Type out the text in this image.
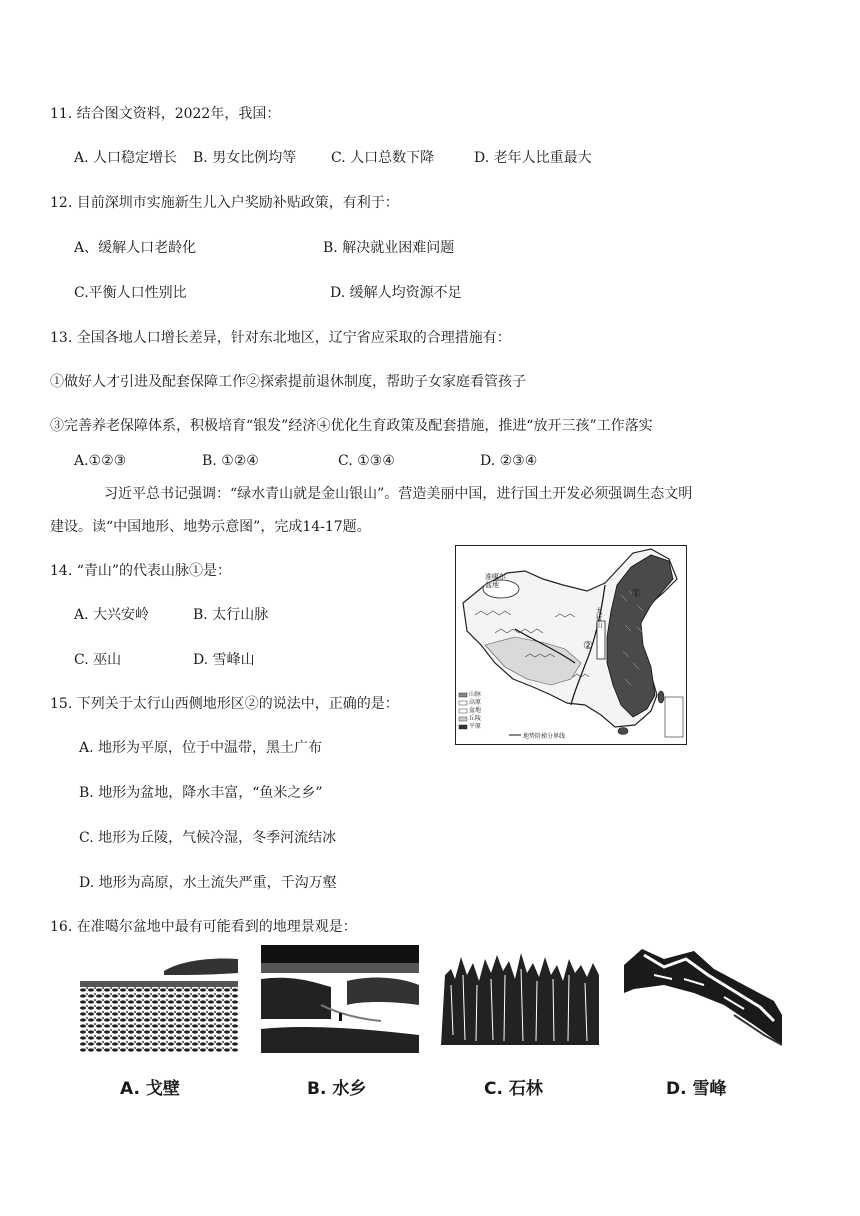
11. 结合图文资料，2022年，我国：
A. 人口稳定增长 B. 男女比例均等 C. 人口总数下降	D. 老年人比重最大
12. 目前深圳市实施新生儿入户奖励补贴政策，有利于：
A、缓解人口老龄化	B. 解决就业困难问题
C.平衡人口性别比	D. 缓解人均资源不足
13. 全国各地人口增长差异，针对东北地区，辽宁省应采取的合理措施有：
①做好人才引进及配套保障工作②探索提前退休制度，帮助子女家庭看管孩子
③完善养老保障体系，积极培育“银发”经济④优化生育政策及配套措施，推进“放开三孩”工作落实
A.①②③	B. ①②④	C. ①③④	D. ②③④
习近平总书记强调：“绿水青山就是金山银山”。营造美丽中国，进行国土开发必须强调生态文明
建设。读“中国地形、地势示意图”，完成14-17题。
14. “青山”的代表山脉①是：
A. 大兴安岭	B. 太行山脉
C. 巫山	D. 雪峰山
15. 下列关于太行山西侧地形区②的说法中，正确的是：
A. 地形为平原，位于中温带，黑土广布
B. 地形为盆地，降水丰富，“鱼米之乡”
C. 地形为丘陵，气候冷湿，冬季河流结冰
D. 地形为高原，水土流失严重，千沟万壑
16. 在准噶尔盆地中最有可能看到的地理景观是：
准噶尔盆地
太行山
①
②
山脉
高原
盆地
丘陵
平原
地势阶梯分界线
A. 戈壁	B. 水乡	C. 石林	D. 雪峰
